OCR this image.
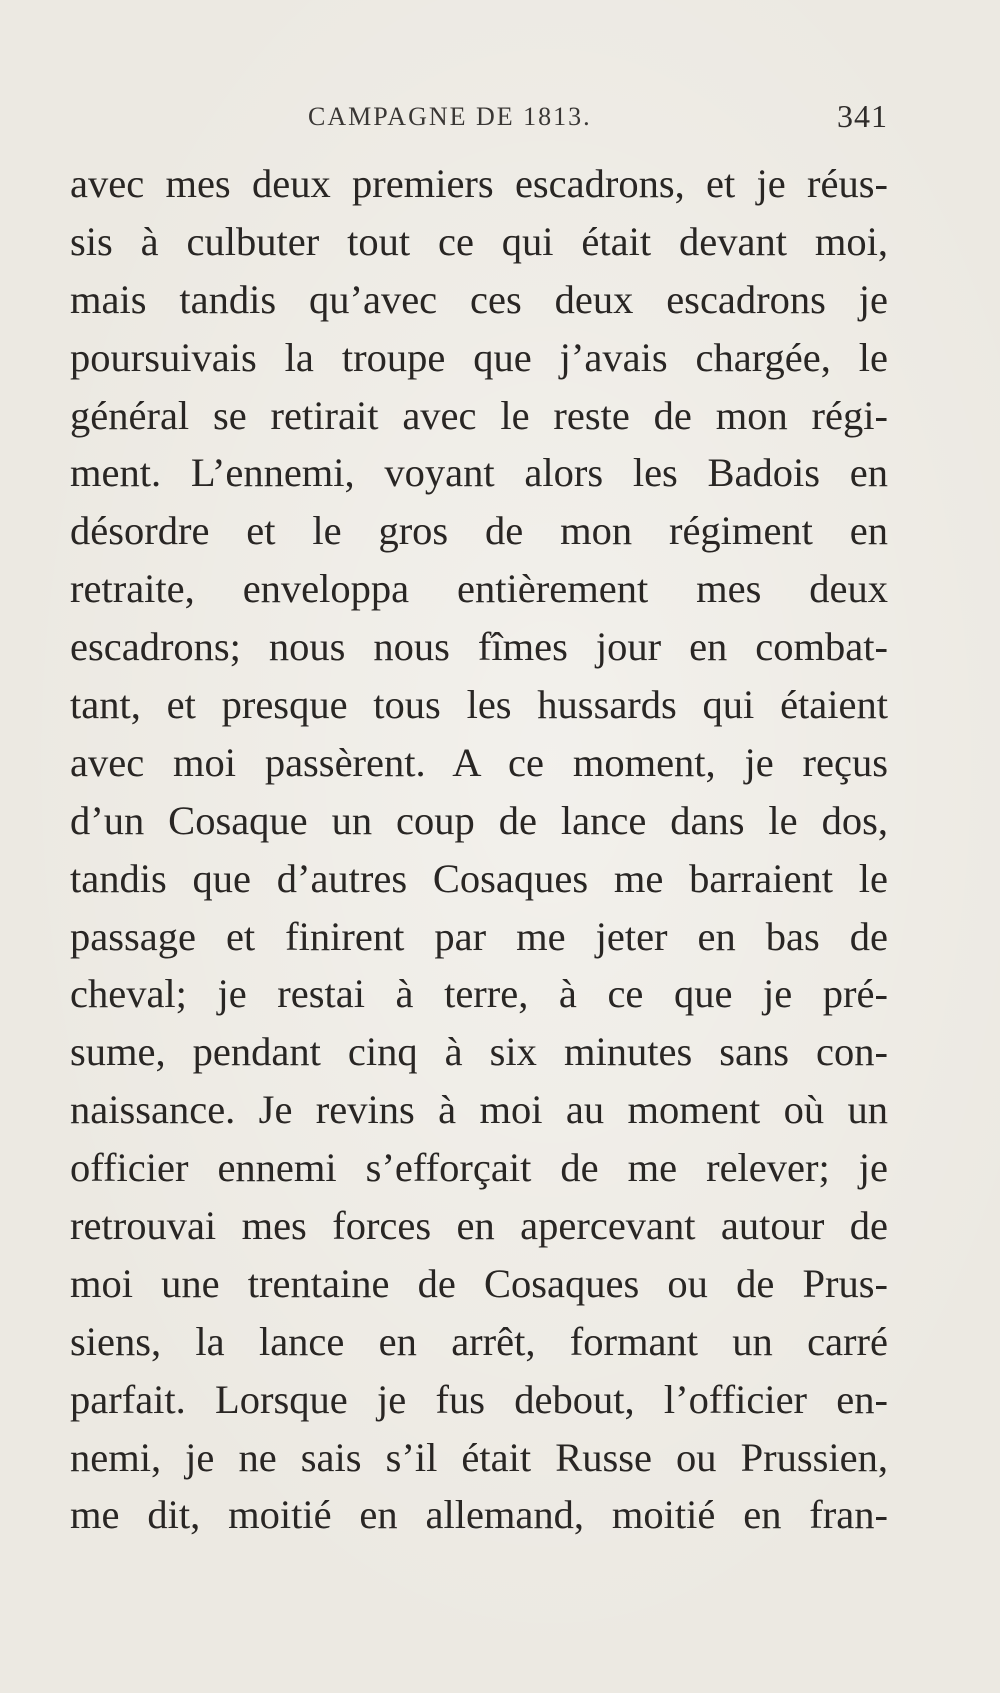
CAMPAGNE DE 1813.	341
avec mes deux premiers escadrons, et je réus-
sis à culbuter tout ce qui était devant moi,
mais tandis qu’avec ces deux escadrons je
poursuivais la troupe que j’avais chargée, le
général se retirait avec le reste de mon régi-
ment. L’ennemi, voyant alors les Badois en
désordre et le gros de mon régiment en
retraite, enveloppa entièrement mes deux
escadrons; nous nous fîmes jour en combat-
tant, et presque tous les hussards qui étaient
avec moi passèrent. A ce moment, je reçus
d’un Cosaque un coup de lance dans le dos,
tandis que d’autres Cosaques me barraient le
passage et finirent par me jeter en bas de
cheval; je restai à terre, à ce que je pré-
sume, pendant cinq à six minutes sans con-
naissance. Je revins à moi au moment où un
officier ennemi s’efforçait de me relever; je
retrouvai mes forces en apercevant autour de
moi une trentaine de Cosaques ou de Prus-
siens, la lance en arrêt, formant un carré
parfait. Lorsque je fus debout, l’officier en-
nemi, je ne sais s’il était Russe ou Prussien,
me dit, moitié en allemand, moitié en fran-
